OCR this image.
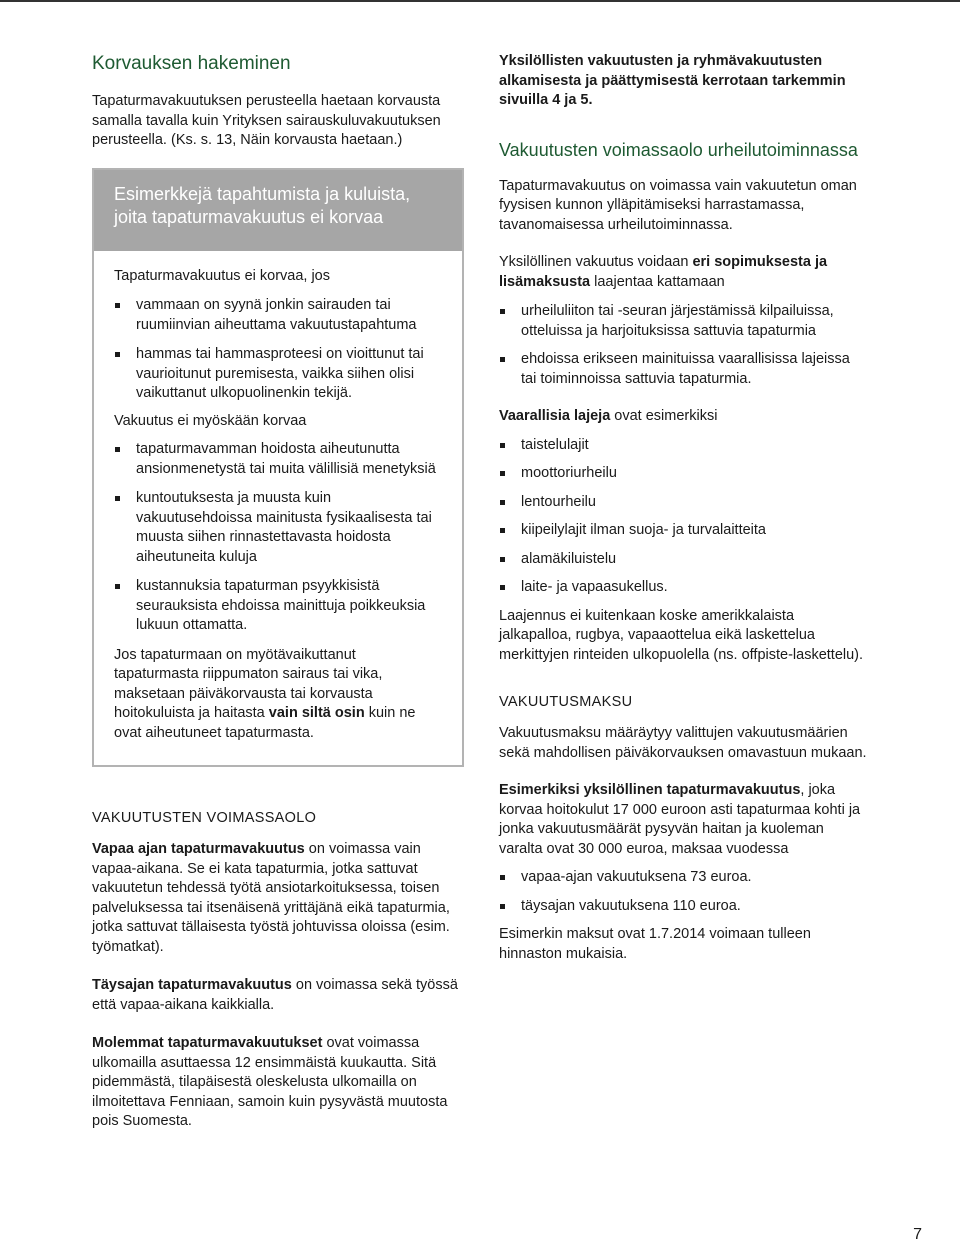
Korvauksen hakeminen

Tapaturmavakuutuksen perusteella haetaan korvausta samalla tavalla kuin Yrityksen sairauskuluvakuutuksen perusteella. (Ks. s. 13, Näin korvausta haetaan.)

Esimerkkejä tapahtumista ja kuluista, joita tapaturmavakuutus ei korvaa

Tapaturmavakuutus ei korvaa, jos

vammaan on syynä jonkin sairauden tai ruumiinvian aiheuttama vakuutustapahtuma
hammas tai hammasproteesi on vioittunut tai vaurioitunut puremisesta, vaikka siihen olisi vaikuttanut ulkopuolinenkin tekijä.

Vakuutus ei myöskään korvaa

tapaturmavamman hoidosta aiheutunutta ansionmenetystä tai muita välillisiä menetyksiä
kuntoutuksesta ja muusta kuin vakuutusehdoissa mainitusta fysikaalisesta tai muusta siihen rinnastettavasta hoidosta aiheutuneita kuluja
kustannuksia tapaturman psyykkisistä seurauksista ehdoissa mainittuja poikkeuksia lukuun ottamatta.

Jos tapaturmaan on myötävaikuttanut tapaturmasta riippumaton sairaus tai vika, maksetaan päiväkorvausta tai korvausta hoitokuluista ja haitasta vain siltä osin kuin ne ovat aiheutuneet tapaturmasta.

VAKUUTUSTEN VOIMASSAOLO

Vapaa ajan tapaturmavakuutus on voimassa vain vapaa-aikana. Se ei kata tapaturmia, jotka sattuvat vakuutetun tehdessä työtä ansiotarkoituksessa, toisen palveluksessa tai itsenäisenä yrittäjänä eikä tapaturmia, jotka sattuvat tällaisesta työstä johtuvissa oloissa (esim. työmatkat).

Täysajan tapaturmavakuutus on voimassa sekä työssä että vapaa-aikana kaikkialla.

Molemmat tapaturmavakuutukset ovat voimassa ulkomailla asuttaessa 12 ensimmäistä kuukautta. Sitä pidemmästä, tilapäisestä oleskelusta ulkomailla on ilmoitettava Fenniaan, samoin kuin pysyvästä muutosta pois Suomesta.

Yksilöllisten vakuutusten ja ryhmävakuutusten alkamisesta ja päättymisestä kerrotaan tarkemmin sivuilla 4 ja 5.

Vakuutusten voimassaolo urheilutoiminnassa

Tapaturmavakuutus on voimassa vain vakuutetun oman fyysisen kunnon ylläpitämiseksi harrastamassa, tavanomaisessa urheilutoiminnassa.

Yksilöllinen vakuutus voidaan eri sopimuksesta ja lisämaksusta laajentaa kattamaan

urheiluliiton tai -seuran järjestämissä kilpailuissa, otteluissa ja harjoituksissa sattuvia tapaturmia
ehdoissa erikseen mainituissa vaarallisissa lajeissa tai toiminnoissa sattuvia tapaturmia.

Vaarallisia lajeja ovat esimerkiksi

taistelulajit
moottoriurheilu
lentourheilu
kiipeilylajit ilman suoja- ja turvalaitteita
alamäkiluistelu
laite- ja vapaasukellus.

Laajennus ei kuitenkaan koske amerikkalaista jalkapalloa, rugbya, vapaaottelua eikä laskettelua merkittyjen rinteiden ulkopuolella (ns. offpiste-laskettelu).

VAKUUTUSMAKSU

Vakuutusmaksu määräytyy valittujen vakuutusmäärien sekä mahdollisen päiväkorvauksen omavastuun mukaan.

Esimerkiksi yksilöllinen tapaturmavakuutus, joka korvaa hoitokulut 17 000 euroon asti tapaturmaa kohti ja jonka vakuutusmäärät pysyvän haitan ja kuoleman varalta ovat 30 000 euroa, maksaa vuodessa

vapaa-ajan vakuutuksena 73 euroa.
täysajan vakuutuksena 110 euroa.

Esimerkin maksut ovat 1.7.2014 voimaan tulleen hinnaston mukaisia.

7
